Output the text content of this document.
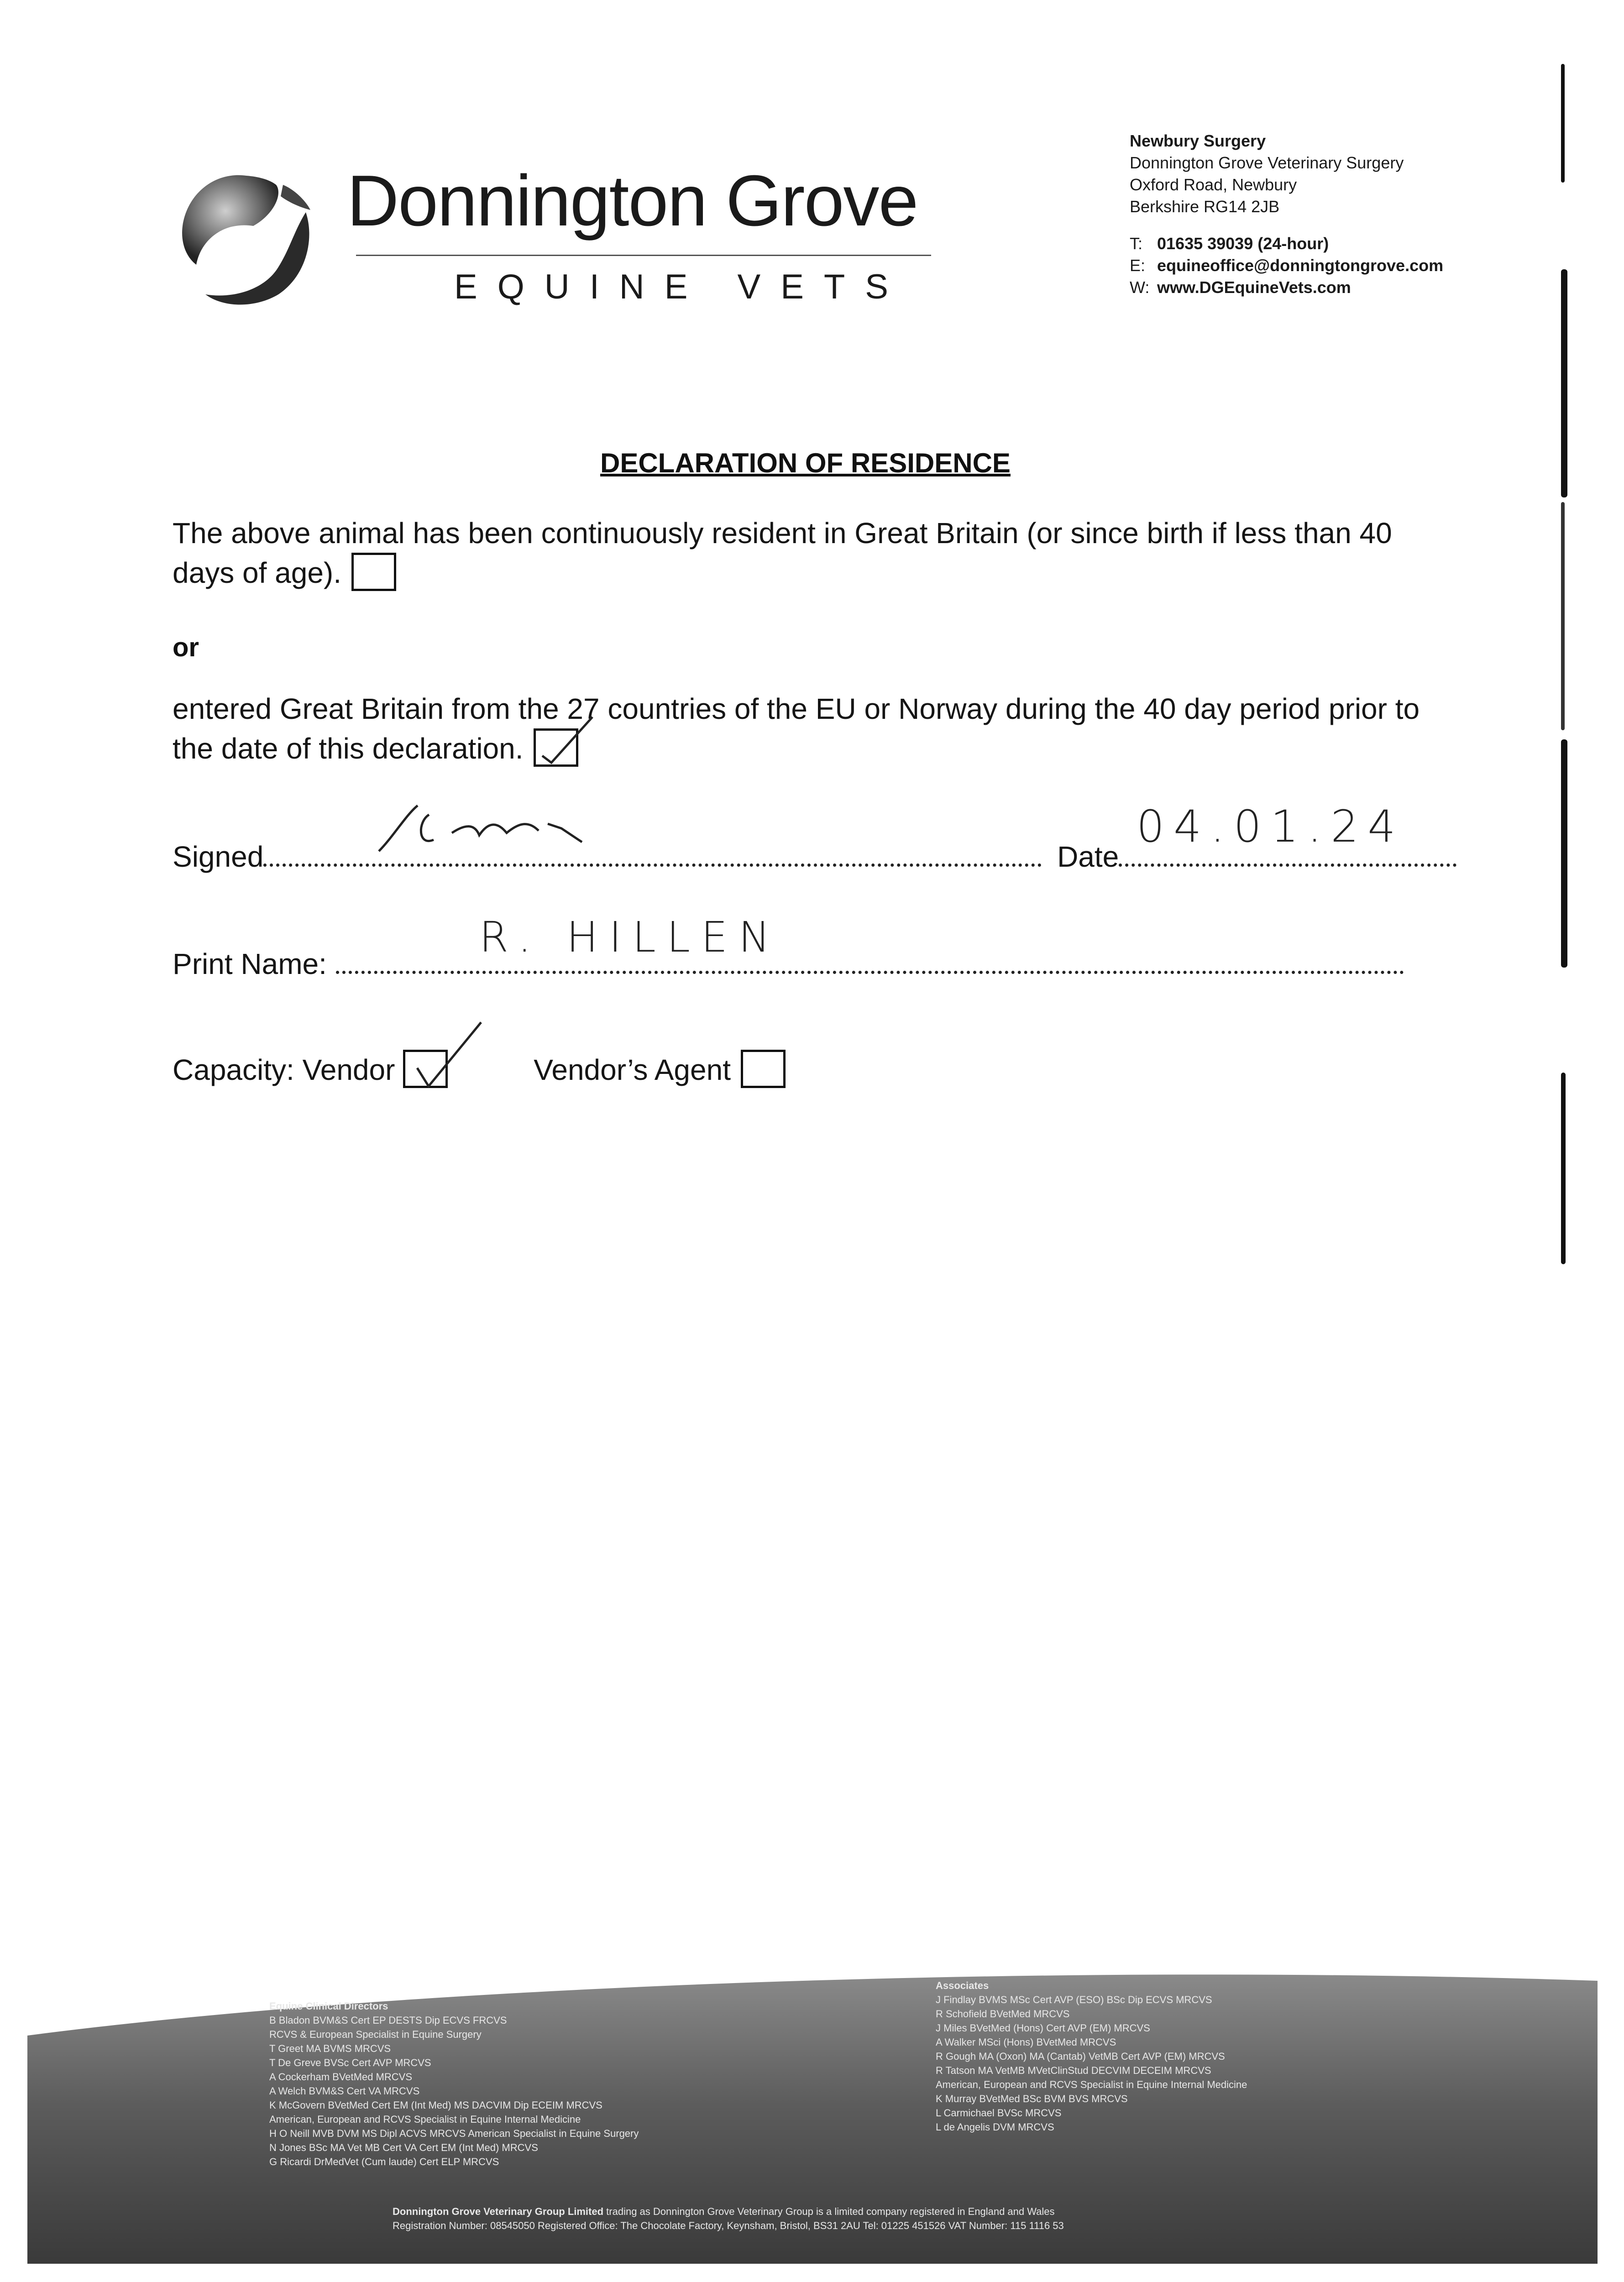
Donnington Grove
EQUINE VETS
Newbury Surgery
Donnington Grove Veterinary Surgery
Oxford Road, Newbury
Berkshire RG14 2JB
T: 01635 39039 (24-hour)
E: equineoffice@donningtongrove.com
W: www.DGEquineVets.com
DECLARATION OF RESIDENCE
The above animal has been continuously resident in Great Britain (or since birth if less than 40 days of age).
or
entered Great Britain from the 27 countries of the EU or Norway during the 40 day period prior to the date of this declaration.
Signed	Date
04.01.24
Print Name:
R. HILLEN
Capacity: Vendor	Vendor’s Agent
Equine Clinical Directors
B Bladon BVM&S Cert EP DESTS Dip ECVS FRCVS
RCVS & European Specialist in Equine Surgery
T Greet MA BVMS MRCVS
T De Greve BVSc Cert AVP MRCVS
A Cockerham BVetMed MRCVS
A Welch BVM&S Cert VA MRCVS
K McGovern BVetMed Cert EM (Int Med) MS DACVIM Dip ECEIM MRCVS
American, European and RCVS Specialist in Equine Internal Medicine
H O Neill MVB DVM MS Dipl ACVS MRCVS American Specialist in Equine Surgery
N Jones BSc MA Vet MB Cert VA Cert EM (Int Med) MRCVS
G Ricardi DrMedVet (Cum laude) Cert ELP MRCVS
Associates
J Findlay BVMS MSc Cert AVP (ESO) BSc Dip ECVS MRCVS
R Schofield BVetMed MRCVS
J Miles BVetMed (Hons) Cert AVP (EM) MRCVS
A Walker MSci (Hons) BVetMed MRCVS
R Gough MA (Oxon) MA (Cantab) VetMB Cert AVP (EM) MRCVS
R Tatson MA VetMB MVetClinStud DECVIM DECEIM MRCVS
American, European and RCVS Specialist in Equine Internal Medicine
K Murray BVetMed BSc BVM BVS MRCVS
L Carmichael BVSc MRCVS
L de Angelis DVM MRCVS
Donnington Grove Veterinary Group Limited trading as Donnington Grove Veterinary Group is a limited company registered in England and Wales
Registration Number: 08545050 Registered Office: The Chocolate Factory, Keynsham, Bristol, BS31 2AU Tel: 01225 451526 VAT Number: 115 1116 53
